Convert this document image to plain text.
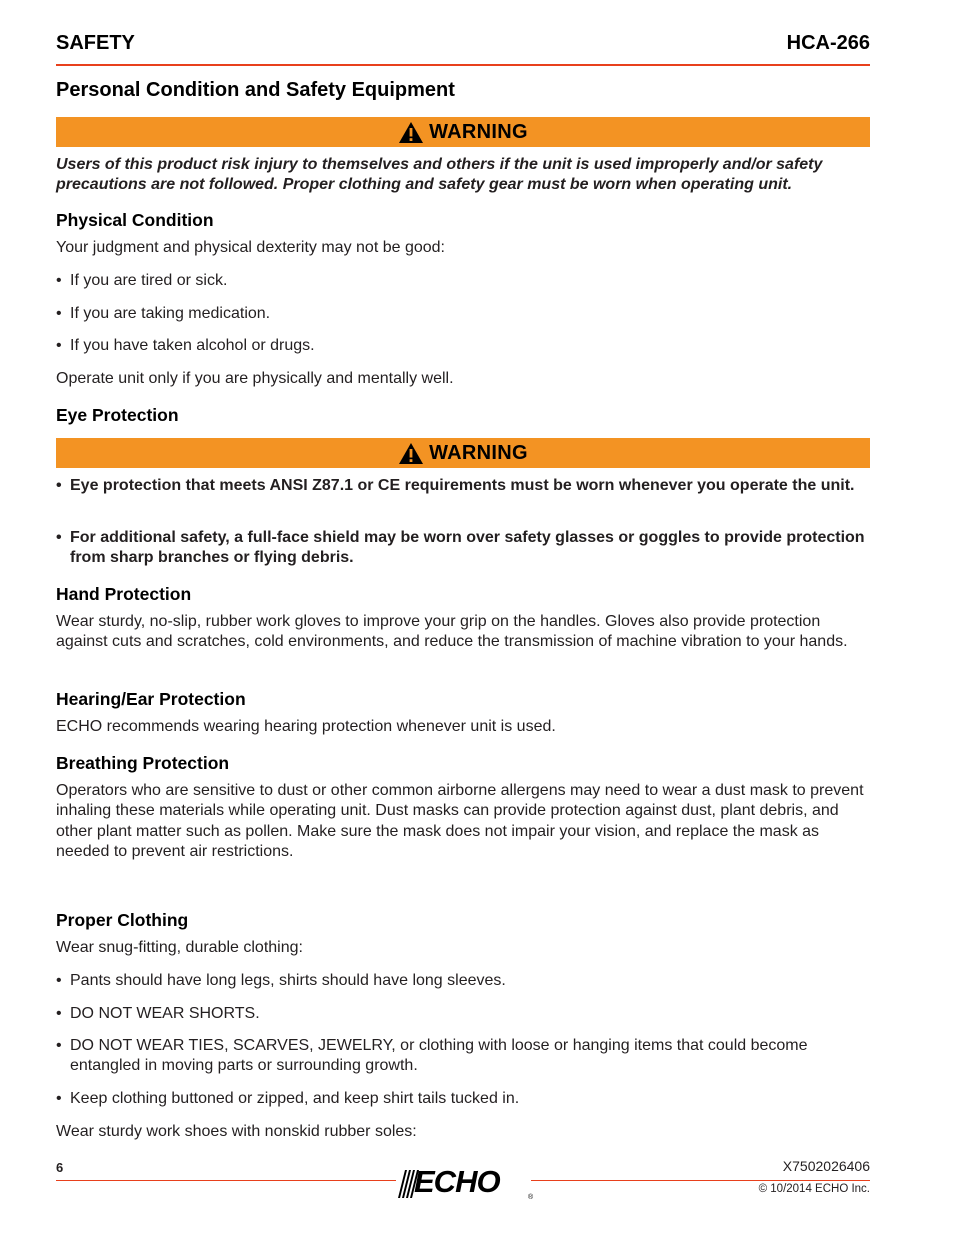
SAFETY	HCA-266
Personal Condition and Safety Equipment
WARNING
Users of this product risk injury to themselves and others if the unit is used improperly and/or safety precautions are not followed. Proper clothing and safety gear must be worn when operating unit.
Physical Condition
Your judgment and physical dexterity may not be good:
• If you are tired or sick.
• If you are taking medication.
• If you have taken alcohol or drugs.
Operate unit only if you are physically and mentally well.
Eye Protection
WARNING
• Eye protection that meets ANSI Z87.1 or CE requirements must be worn whenever you operate the unit.
• For additional safety, a full-face shield may be worn over safety glasses or goggles to provide protection from sharp branches or flying debris.
Hand Protection
Wear sturdy, no-slip, rubber work gloves to improve your grip on the handles. Gloves also provide protection against cuts and scratches, cold environments, and reduce the transmission of machine vibration to your hands.
Hearing/Ear Protection
ECHO recommends wearing hearing protection whenever unit is used.
Breathing Protection
Operators who are sensitive to dust or other common airborne allergens may need to wear a dust mask to prevent inhaling these materials while operating unit. Dust masks can provide protection against dust, plant debris, and other plant matter such as pollen. Make sure the mask does not impair your vision, and replace the mask as needed to prevent air restrictions.
Proper Clothing
Wear snug-fitting, durable clothing:
• Pants should have long legs, shirts should have long sleeves.
• DO NOT WEAR SHORTS.
• DO NOT WEAR TIES, SCARVES, JEWELRY, or clothing with loose or hanging items that could become entangled in moving parts or surrounding growth.
• Keep clothing buttoned or zipped, and keep shirt tails tucked in.
Wear sturdy work shoes with nonskid rubber soles:
6	X7502026406
© 10/2014 ECHO Inc.
®
ECHO
